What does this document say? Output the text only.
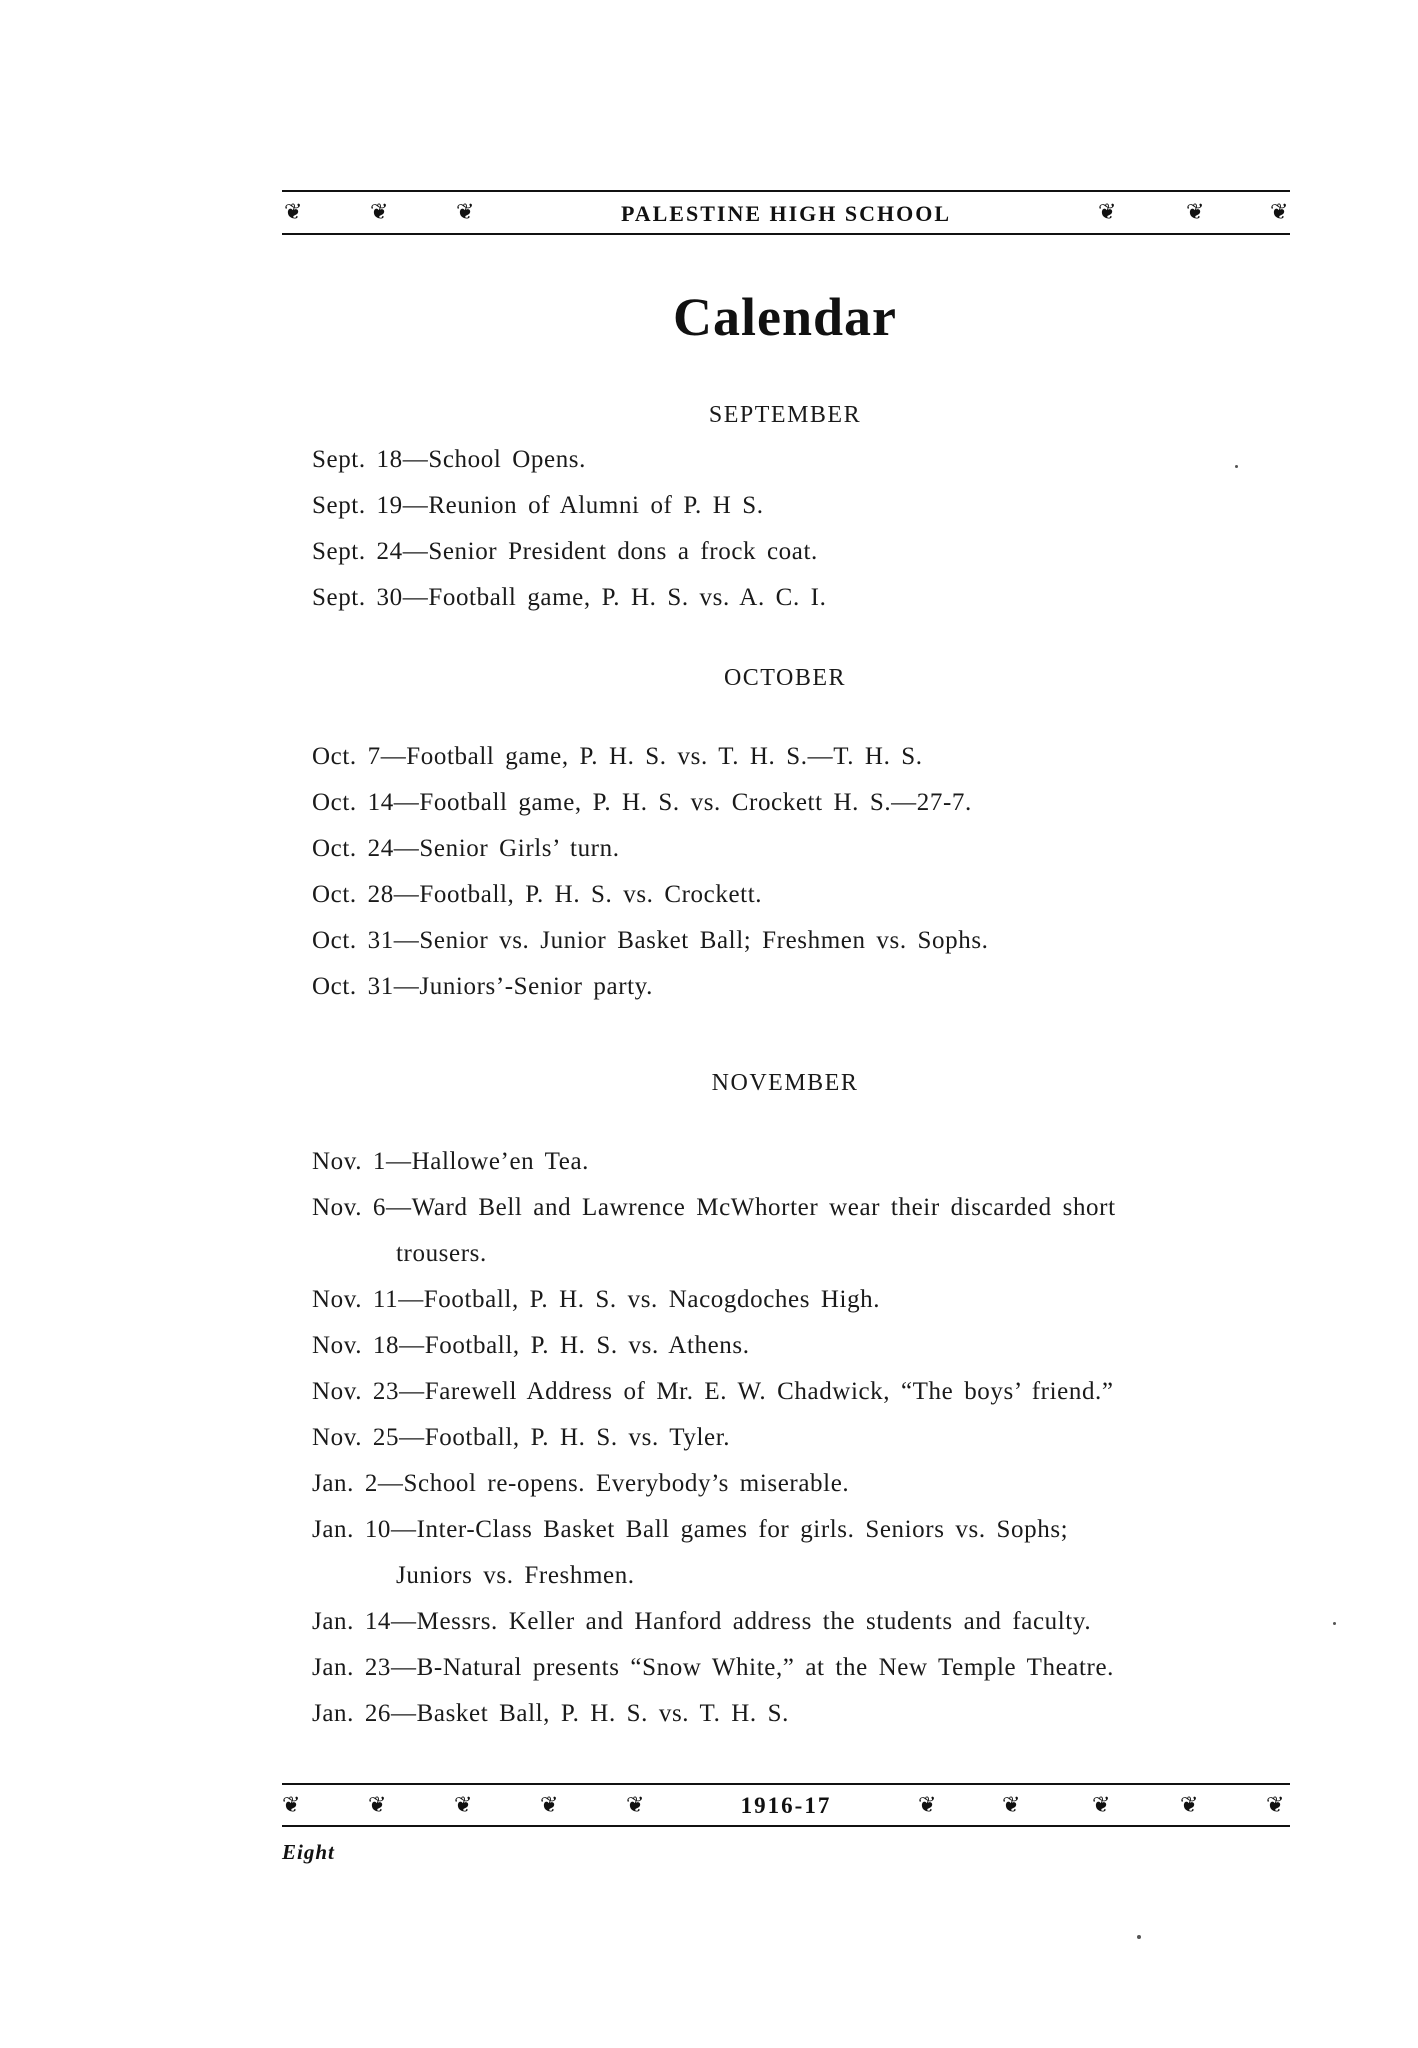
❦	❦	❦	PALESTINE HIGH SCHOOL	❦	❦	❦
Calendar
SEPTEMBER
Sept. 18—School Opens.
Sept. 19—Reunion of Alumni of P. H S.
Sept. 24—Senior President dons a frock coat.
Sept. 30—Football game, P. H. S. vs. A. C. I.
OCTOBER
Oct. 7—Football game, P. H. S. vs. T. H. S.—T. H. S.
Oct. 14—Football game, P. H. S. vs. Crockett H. S.—27-7.
Oct. 24—Senior Girls’ turn.
Oct. 28—Football, P. H. S. vs. Crockett.
Oct. 31—Senior vs. Junior Basket Ball; Freshmen vs. Sophs.
Oct. 31—Juniors’-Senior party.
NOVEMBER
Nov. 1—Hallowe’en Tea.
Nov. 6—Ward Bell and Lawrence McWhorter wear their discarded short
trousers.
Nov. 11—Football, P. H. S. vs. Nacogdoches High.
Nov. 18—Football, P. H. S. vs. Athens.
Nov. 23—Farewell Address of Mr. E. W. Chadwick, “The boys’ friend.”
Nov. 25—Football, P. H. S. vs. Tyler.
Jan. 2—School re-opens. Everybody’s miserable.
Jan. 10—Inter-Class Basket Ball games for girls. Seniors vs. Sophs;
Juniors vs. Freshmen.
Jan. 14—Messrs. Keller and Hanford address the students and faculty.
Jan. 23—B-Natural presents “Snow White,” at the New Temple Theatre.
Jan. 26—Basket Ball, P. H. S. vs. T. H. S.
❦	❦	❦	❦	❦	1916-17	❦	❦	❦	❦	❦
Eight
